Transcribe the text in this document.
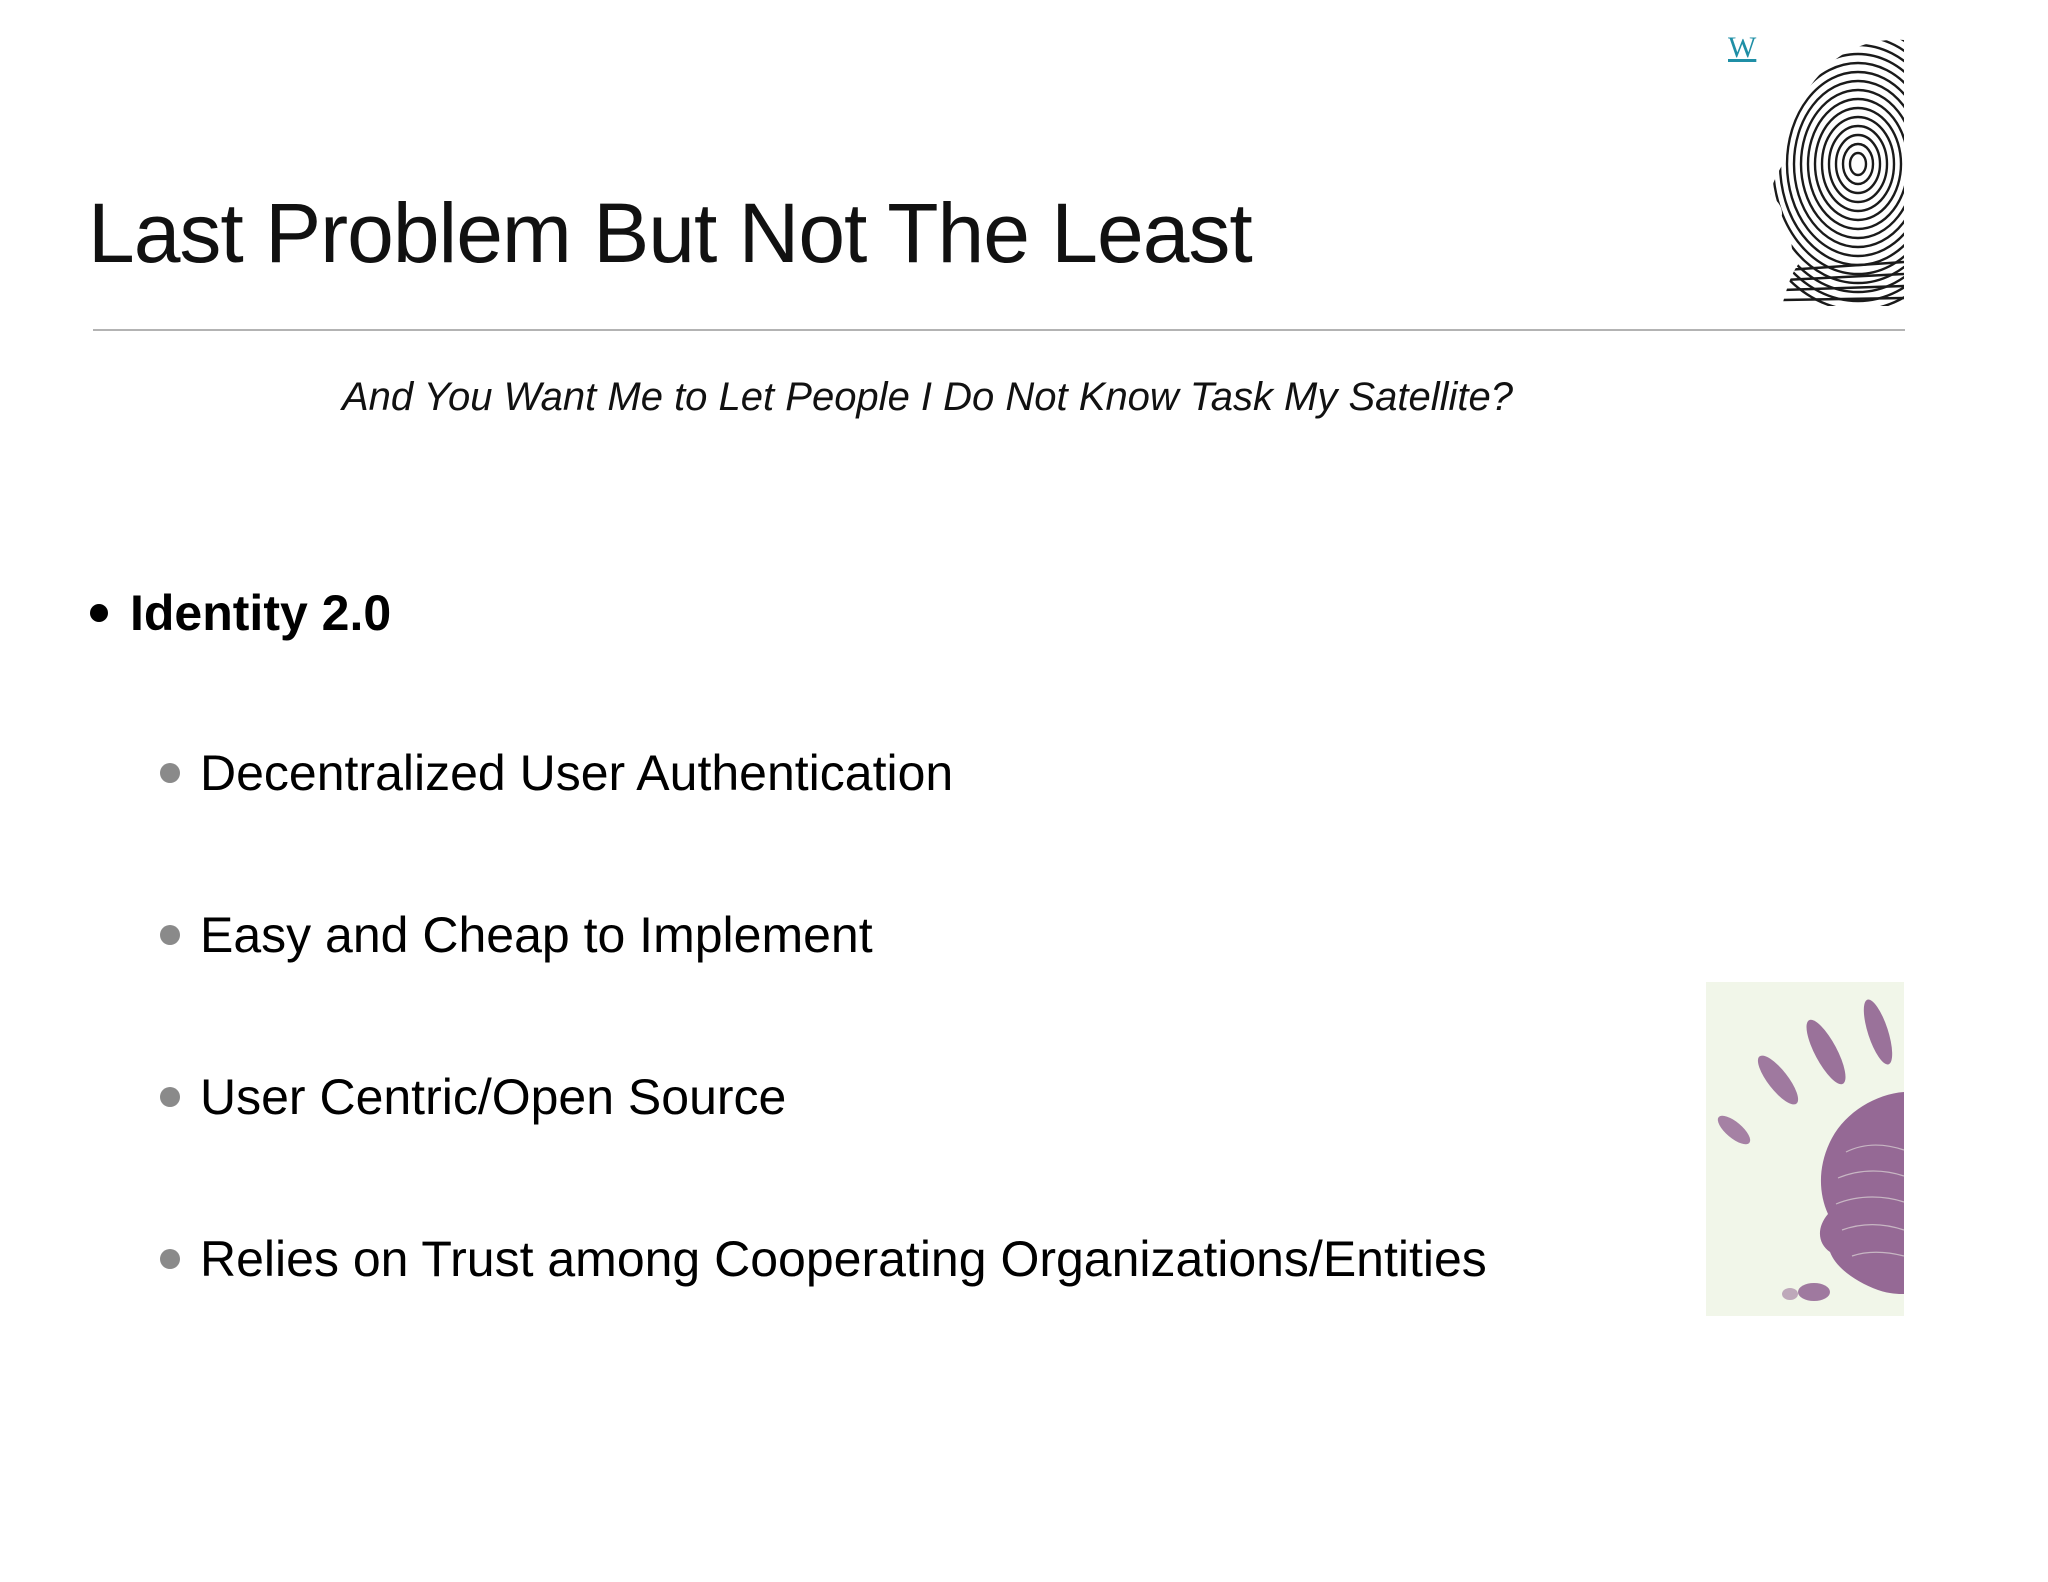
W
Last Problem But Not The Least
And You Want Me to Let People I Do Not Know Task My Satellite?
Identity 2.0
Decentralized User Authentication
Easy and Cheap to Implement
User Centric/Open Source
Relies on Trust among Cooperating Organizations/Entities
